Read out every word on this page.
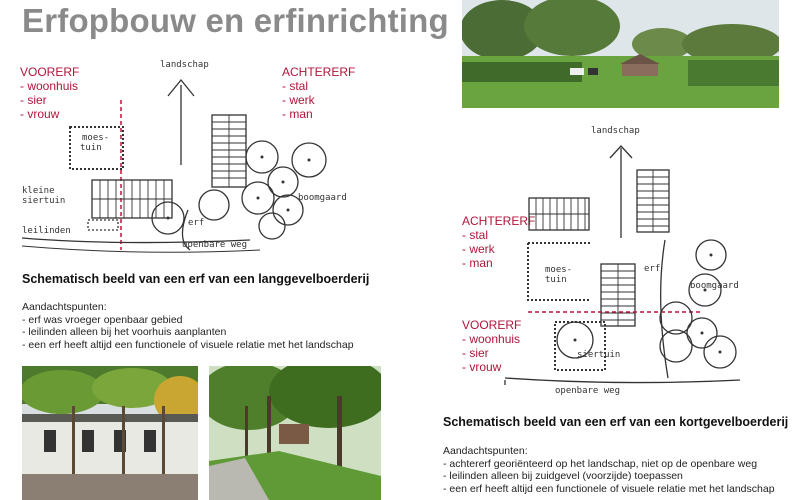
Erfopbouw en erfinrichting
VOORERF
- woonhuis
- sier
- vrouw
ACHTERERF
- stal
- werk
- man
landschap
moes-
tuin
kleine
siertuin
leilinden
erf
boomgaard
openbare weg
Schematisch beeld van een erf van een langgevelboerderij
Aandachtspunten:
- erf was vroeger openbaar gebied
- leilinden alleen bij het voorhuis aanplanten
- een erf heeft altijd een functionele of visuele relatie met het landschap
landschap
ACHTERERF
- stal
- werk
- man	moes-
tuin
erf
boomgaard
VOORERF
- woonhuis
- sier
- vrouw
siertuin
openbare weg
Schematisch beeld van een erf van een kortgevelboerderij
Aandachtspunten:
- achtererf georiënteerd op het landschap, niet op de openbare weg
- leilinden alleen bij zuidgevel (voorzijde) toepassen
- een erf heeft altijd een functionele of visuele relatie met het landschap
